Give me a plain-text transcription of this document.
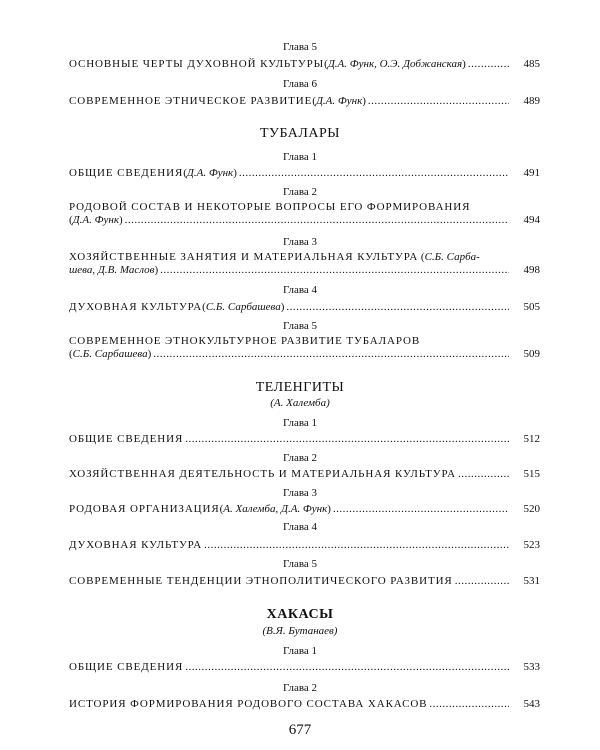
Глава 5
ОСНОВНЫЕ ЧЕРТЫ ДУХОВНОЙ КУЛЬТУРЫ ( Д.А. Функ, О.Э. Добжанская ) .....	485
Глава 6
СОВРЕМЕННОЕ ЭТНИЧЕСКОЕ РАЗВИТИЕ ( Д.А. Функ ) .....	489
ТУБАЛАРЫ
Глава 1
ОБЩИЕ СВЕДЕНИЯ ( Д.А. Функ ) .....	491
Глава 2
РОДОВОЙ СОСТАВ И НЕКОТОРЫЕ ВОПРОСЫ ЕГО ФОРМИРОВАНИЯ
( Д.А. Функ ) .....	494
Глава 3
ХОЗЯЙСТВЕННЫЕ ЗАНЯТИЯ И МАТЕРИАЛЬНАЯ КУЛЬТУРА (С.Б. Сарба-
шева, Д.В. Маслов ) .....	498
Глава 4
ДУХОВНАЯ КУЛЬТУРА ( С.Б. Сарбашева ) .....	505
Глава 5
СОВРЕМЕННОЕ ЭТНОКУЛЬТУРНОЕ РАЗВИТИЕ ТУБАЛАРОВ
( С.Б. Сарбашева ) .....	509
ТЕЛЕНГИТЫ
(А. Халемба)
Глава 1
ОБЩИЕ СВЕДЕНИЯ .....	512
Глава 2
ХОЗЯЙСТВЕННАЯ ДЕЯТЕЛЬНОСТЬ И МАТЕРИАЛЬНАЯ КУЛЬТУРА .....	515
Глава 3
РОДОВАЯ ОРГАНИЗАЦИЯ ( А. Халемба, Д.А. Функ ) .....	520
Глава 4
ДУХОВНАЯ КУЛЬТУРА .....	523
Глава 5
СОВРЕМЕННЫЕ ТЕНДЕНЦИИ ЭТНОПОЛИТИЧЕСКОГО РАЗВИТИЯ .....	531
ХАКАСЫ
(В.Я. Бутанаев)
Глава 1
ОБЩИЕ СВЕДЕНИЯ .....	533
Глава 2
ИСТОРИЯ ФОРМИРОВАНИЯ РОДОВОГО СОСТАВА ХАКАСОВ .....	543
677
